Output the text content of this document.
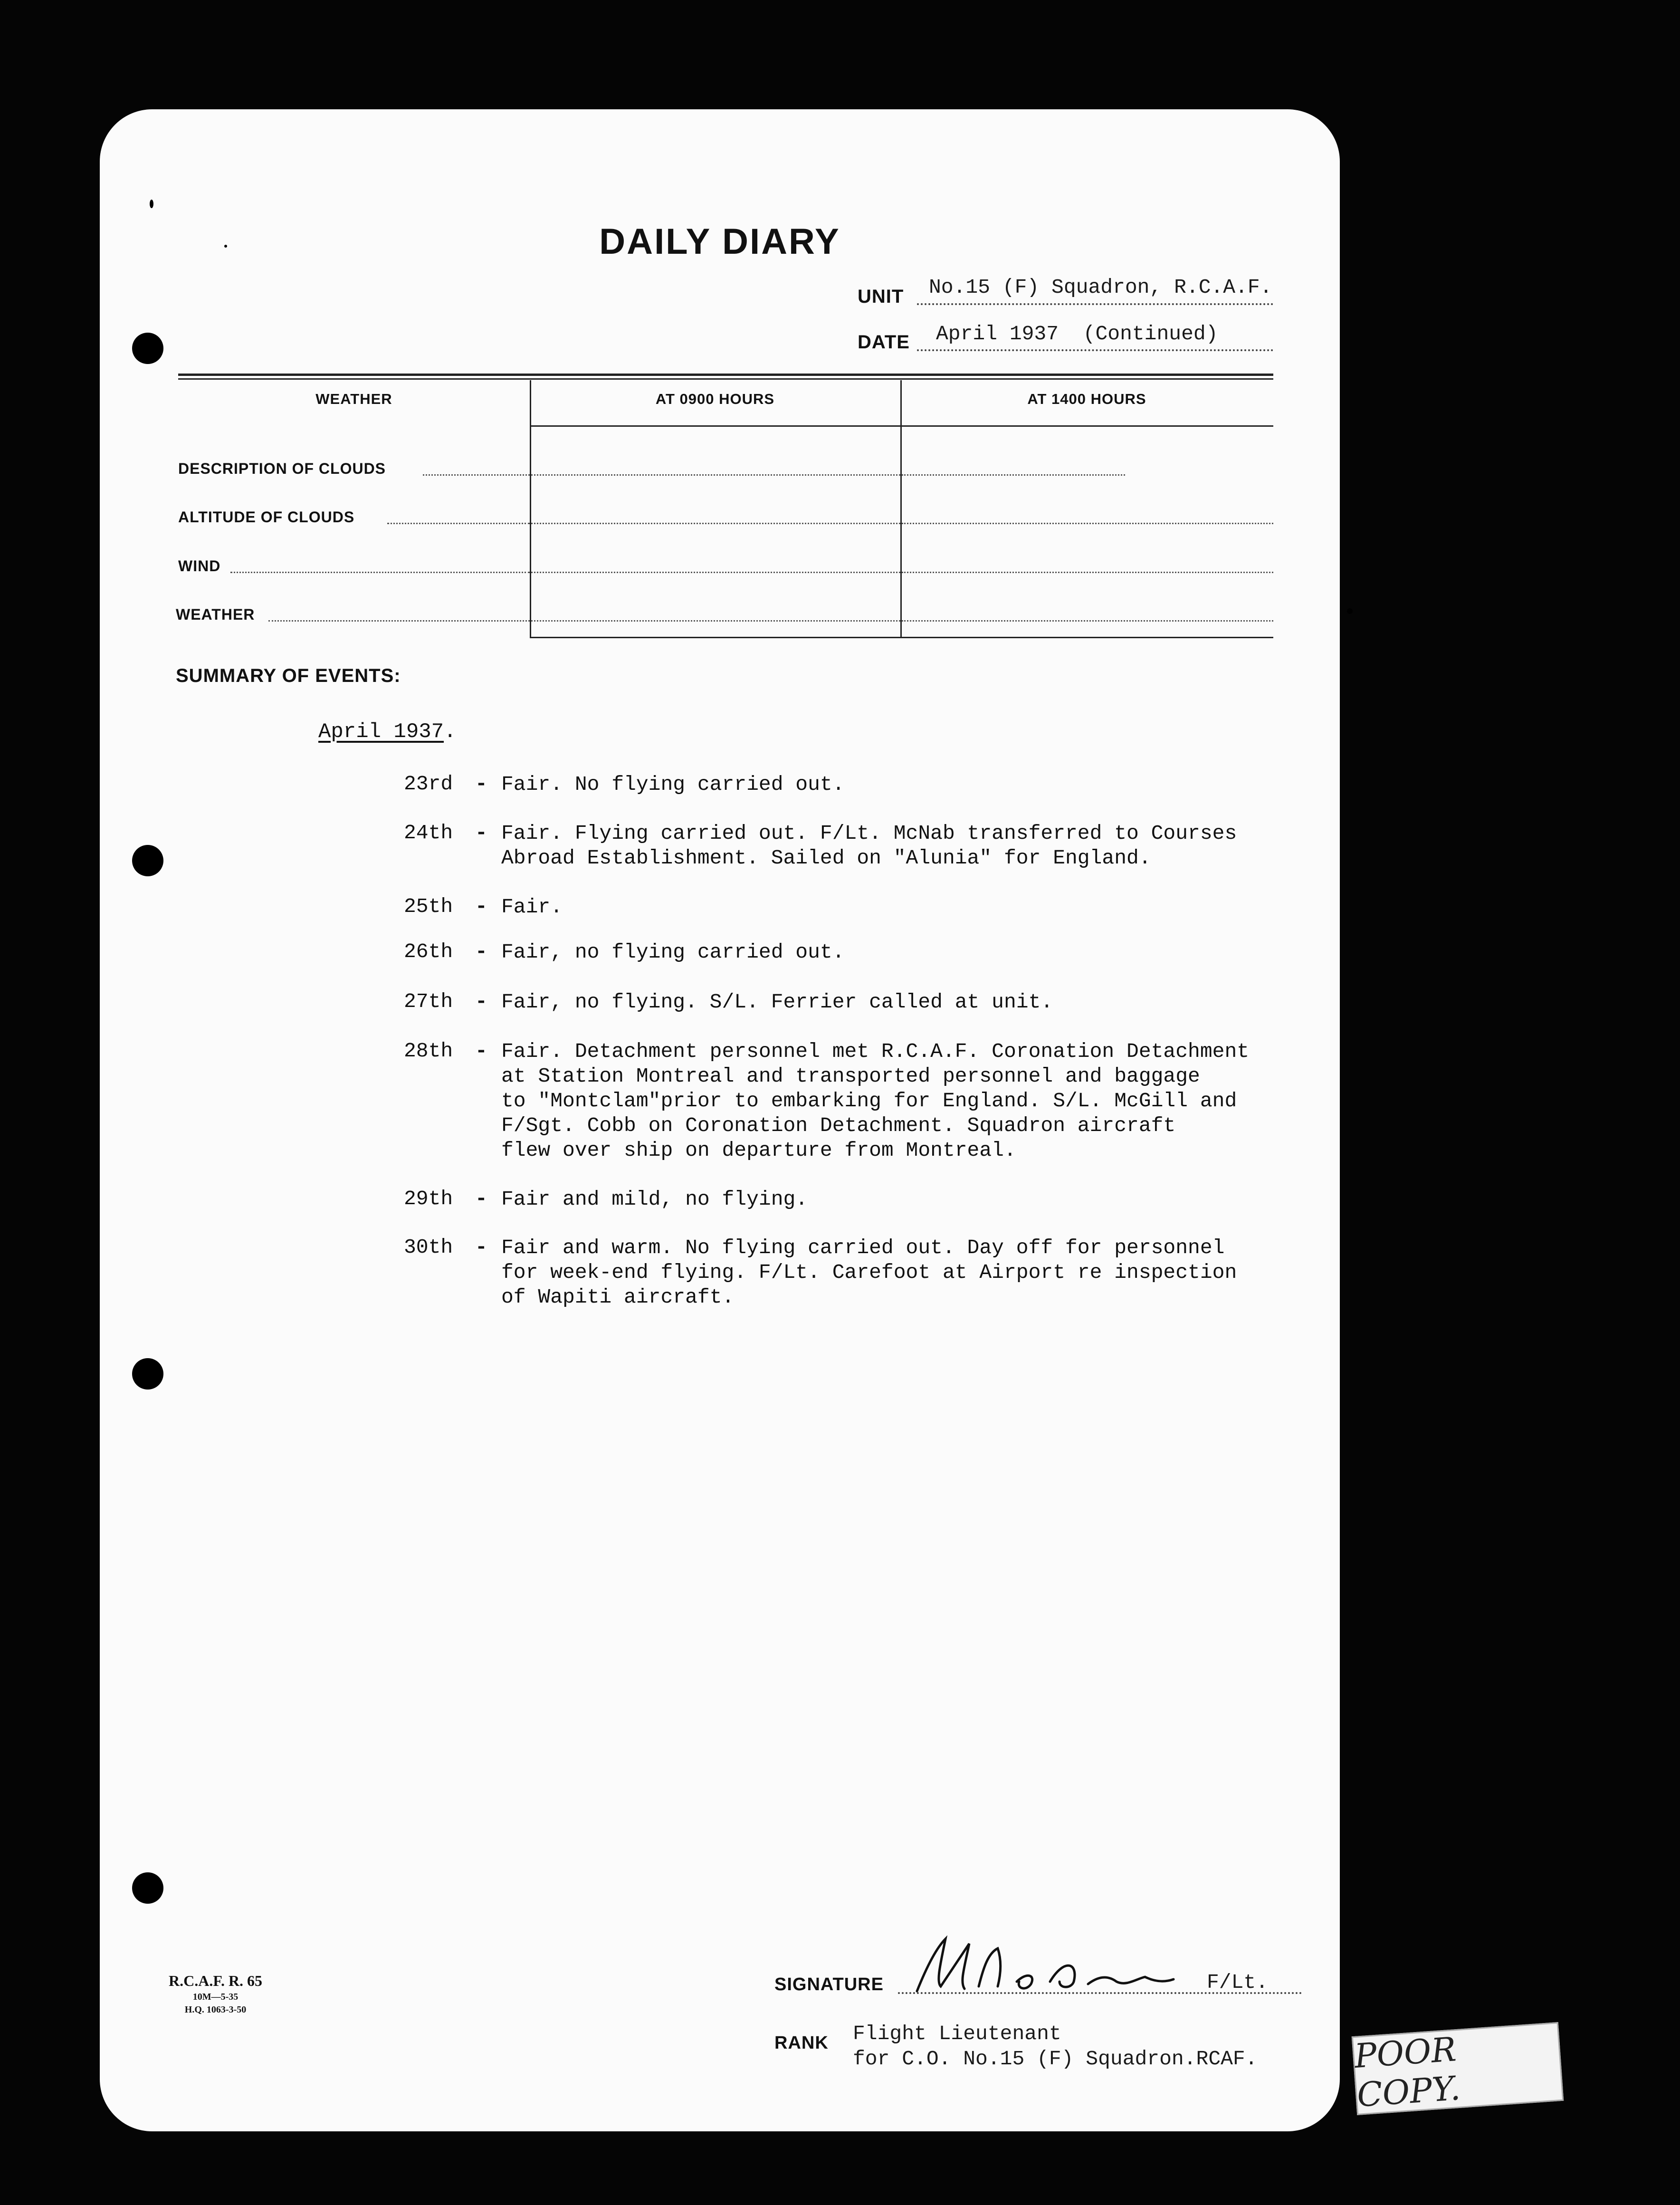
DAILY DIARY
UNIT No.15 (F) Squadron, R.C.A.F.
DATE April 1937  (Continued)
WEATHER	AT 0900 HOURS	AT 1400 HOURS
DESCRIPTION OF CLOUDS
ALTITUDE OF CLOUDS
WIND
WEATHER
SUMMARY OF EVENTS:
April 1937.
23rd	- Fair. No flying carried out.
24th	- Fair. Flying carried out. F/Lt. McNab transferred to Courses
Abroad Establishment. Sailed on "Alunia" for England.
25th	- Fair.
26th	- Fair, no flying carried out.
27th	- Fair, no flying. S/L. Ferrier called at unit.
28th	- Fair. Detachment personnel met R.C.A.F. Coronation Detachment
at Station Montreal and transported personnel and baggage
to "Montclam"prior to embarking for England. S/L. McGill and
F/Sgt. Cobb on Coronation Detachment. Squadron aircraft
flew over ship on departure from Montreal.
29th	- Fair and mild, no flying.
30th	- Fair and warm. No flying carried out. Day off for personnel
for week-end flying. F/Lt. Carefoot at Airport re inspection
of Wapiti aircraft.
R.C.A.F. R. 65
10M—5-35
H.Q. 1063-3-50
SIGNATURE	F/Lt.
RANK Flight Lieutenant
for C.O. No.15 (F) Squadron.RCAF.	POOR COPY.
